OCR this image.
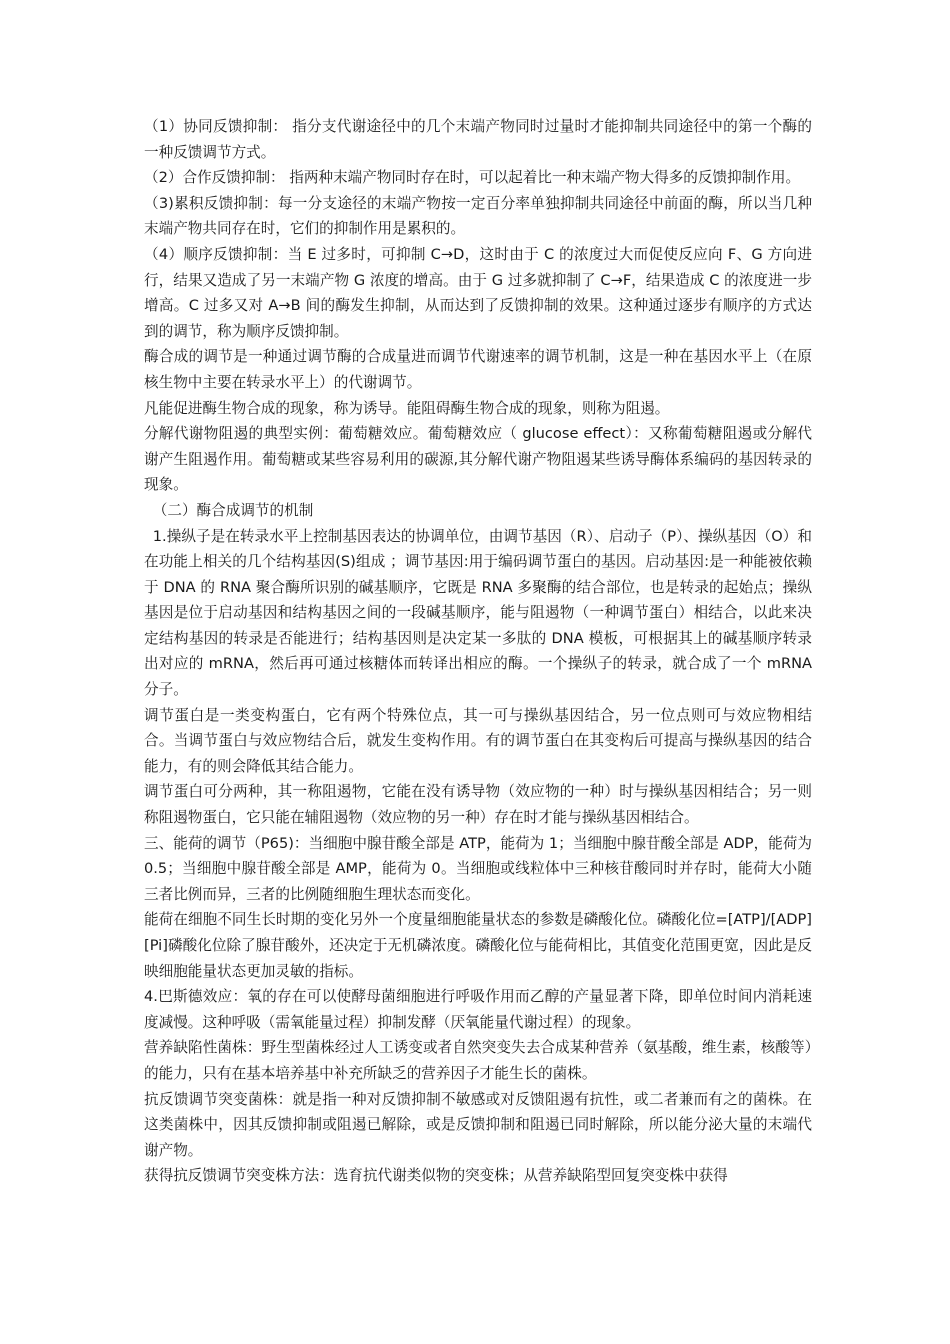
（1）协同反馈抑制： 指分支代谢途径中的几个末端产物同时过量时才能抑制共同途径中的第一个酶的一种反馈调节方式。

（2）合作反馈抑制： 指两种末端产物同时存在时，可以起着比一种末端产物大得多的反馈抑制作用。

（3)累积反馈抑制：每一分支途径的末端产物按一定百分率单独抑制共同途径中前面的酶，所以当几种末端产物共同存在时，它们的抑制作用是累积的。

（4）顺序反馈抑制：当 E 过多时，可抑制 C→D，这时由于 C 的浓度过大而促使反应向 F、G 方向进行，结果又造成了另一末端产物 G 浓度的增高。由于 G 过多就抑制了 C→F，结果造成 C 的浓度进一步增高。C 过多又对 A→B 间的酶发生抑制，从而达到了反馈抑制的效果。这种通过逐步有顺序的方式达到的调节，称为顺序反馈抑制。

酶合成的调节是一种通过调节酶的合成量进而调节代谢速率的调节机制，这是一种在基因水平上（在原核生物中主要在转录水平上）的代谢调节。

凡能促进酶生物合成的现象，称为诱导。能阻碍酶生物合成的现象，则称为阻遏。

分解代谢物阻遏的典型实例：葡萄糖效应。葡萄糖效应（ glucose effect）：又称葡萄糖阻遏或分解代谢产生阻遏作用。葡萄糖或某些容易利用的碳源,其分解代谢产物阻遏某些诱导酶体系编码的基因转录的现象。

（二）酶合成调节的机制

1.操纵子是在转录水平上控制基因表达的协调单位，由调节基因（R）、启动子（P）、操纵基因（O）和在功能上相关的几个结构基因(S)组成 ；调节基因:用于编码调节蛋白的基因。启动基因:是一种能被依赖于 DNA 的 RNA 聚合酶所识别的碱基顺序，它既是 RNA 多聚酶的结合部位，也是转录的起始点；操纵基因是位于启动基因和结构基因之间的一段碱基顺序，能与阻遏物（一种调节蛋白）相结合，以此来决定结构基因的转录是否能进行；结构基因则是决定某一多肽的 DNA 模板，可根据其上的碱基顺序转录出对应的 mRNA，然后再可通过核糖体而转译出相应的酶。一个操纵子的转录，就合成了一个 mRNA 分子。

调节蛋白是一类变构蛋白，它有两个特殊位点，其一可与操纵基因结合，另一位点则可与效应物相结合。当调节蛋白与效应物结合后，就发生变构作用。有的调节蛋白在其变构后可提高与操纵基因的结合能力，有的则会降低其结合能力。

调节蛋白可分两种，其一称阻遏物，它能在没有诱导物（效应物的一种）时与操纵基因相结合；另一则称阻遏物蛋白，它只能在辅阻遏物（效应物的另一种）存在时才能与操纵基因相结合。

三、能荷的调节（P65)：当细胞中腺苷酸全部是 ATP，能荷为 1；当细胞中腺苷酸全部是 ADP，能荷为 0.5；当细胞中腺苷酸全部是 AMP，能荷为 0。当细胞或线粒体中三种核苷酸同时并存时，能荷大小随三者比例而异，三者的比例随细胞生理状态而变化。

能荷在细胞不同生长时期的变化另外一个度量细胞能量状态的参数是磷酸化位。磷酸化位=[ATP]/[ADP][Pi]磷酸化位除了腺苷酸外，还决定于无机磷浓度。磷酸化位与能荷相比，其值变化范围更宽，因此是反映细胞能量状态更加灵敏的指标。

4.巴斯德效应：氧的存在可以使酵母菌细胞进行呼吸作用而乙醇的产量显著下降，即单位时间内消耗速度减慢。这种呼吸（需氧能量过程）抑制发酵（厌氧能量代谢过程）的现象。

营养缺陷性菌株：野生型菌株经过人工诱变或者自然突变失去合成某种营养（氨基酸，维生素，核酸等）的能力，只有在基本培养基中补充所缺乏的营养因子才能生长的菌株。

抗反馈调节突变菌株：就是指一种对反馈抑制不敏感或对反馈阻遏有抗性，或二者兼而有之的菌株。在这类菌株中，因其反馈抑制或阻遏已解除，或是反馈抑制和阻遏已同时解除，所以能分泌大量的末端代谢产物。

获得抗反馈调节突变株方法：选育抗代谢类似物的突变株；从营养缺陷型回复突变株中获得
